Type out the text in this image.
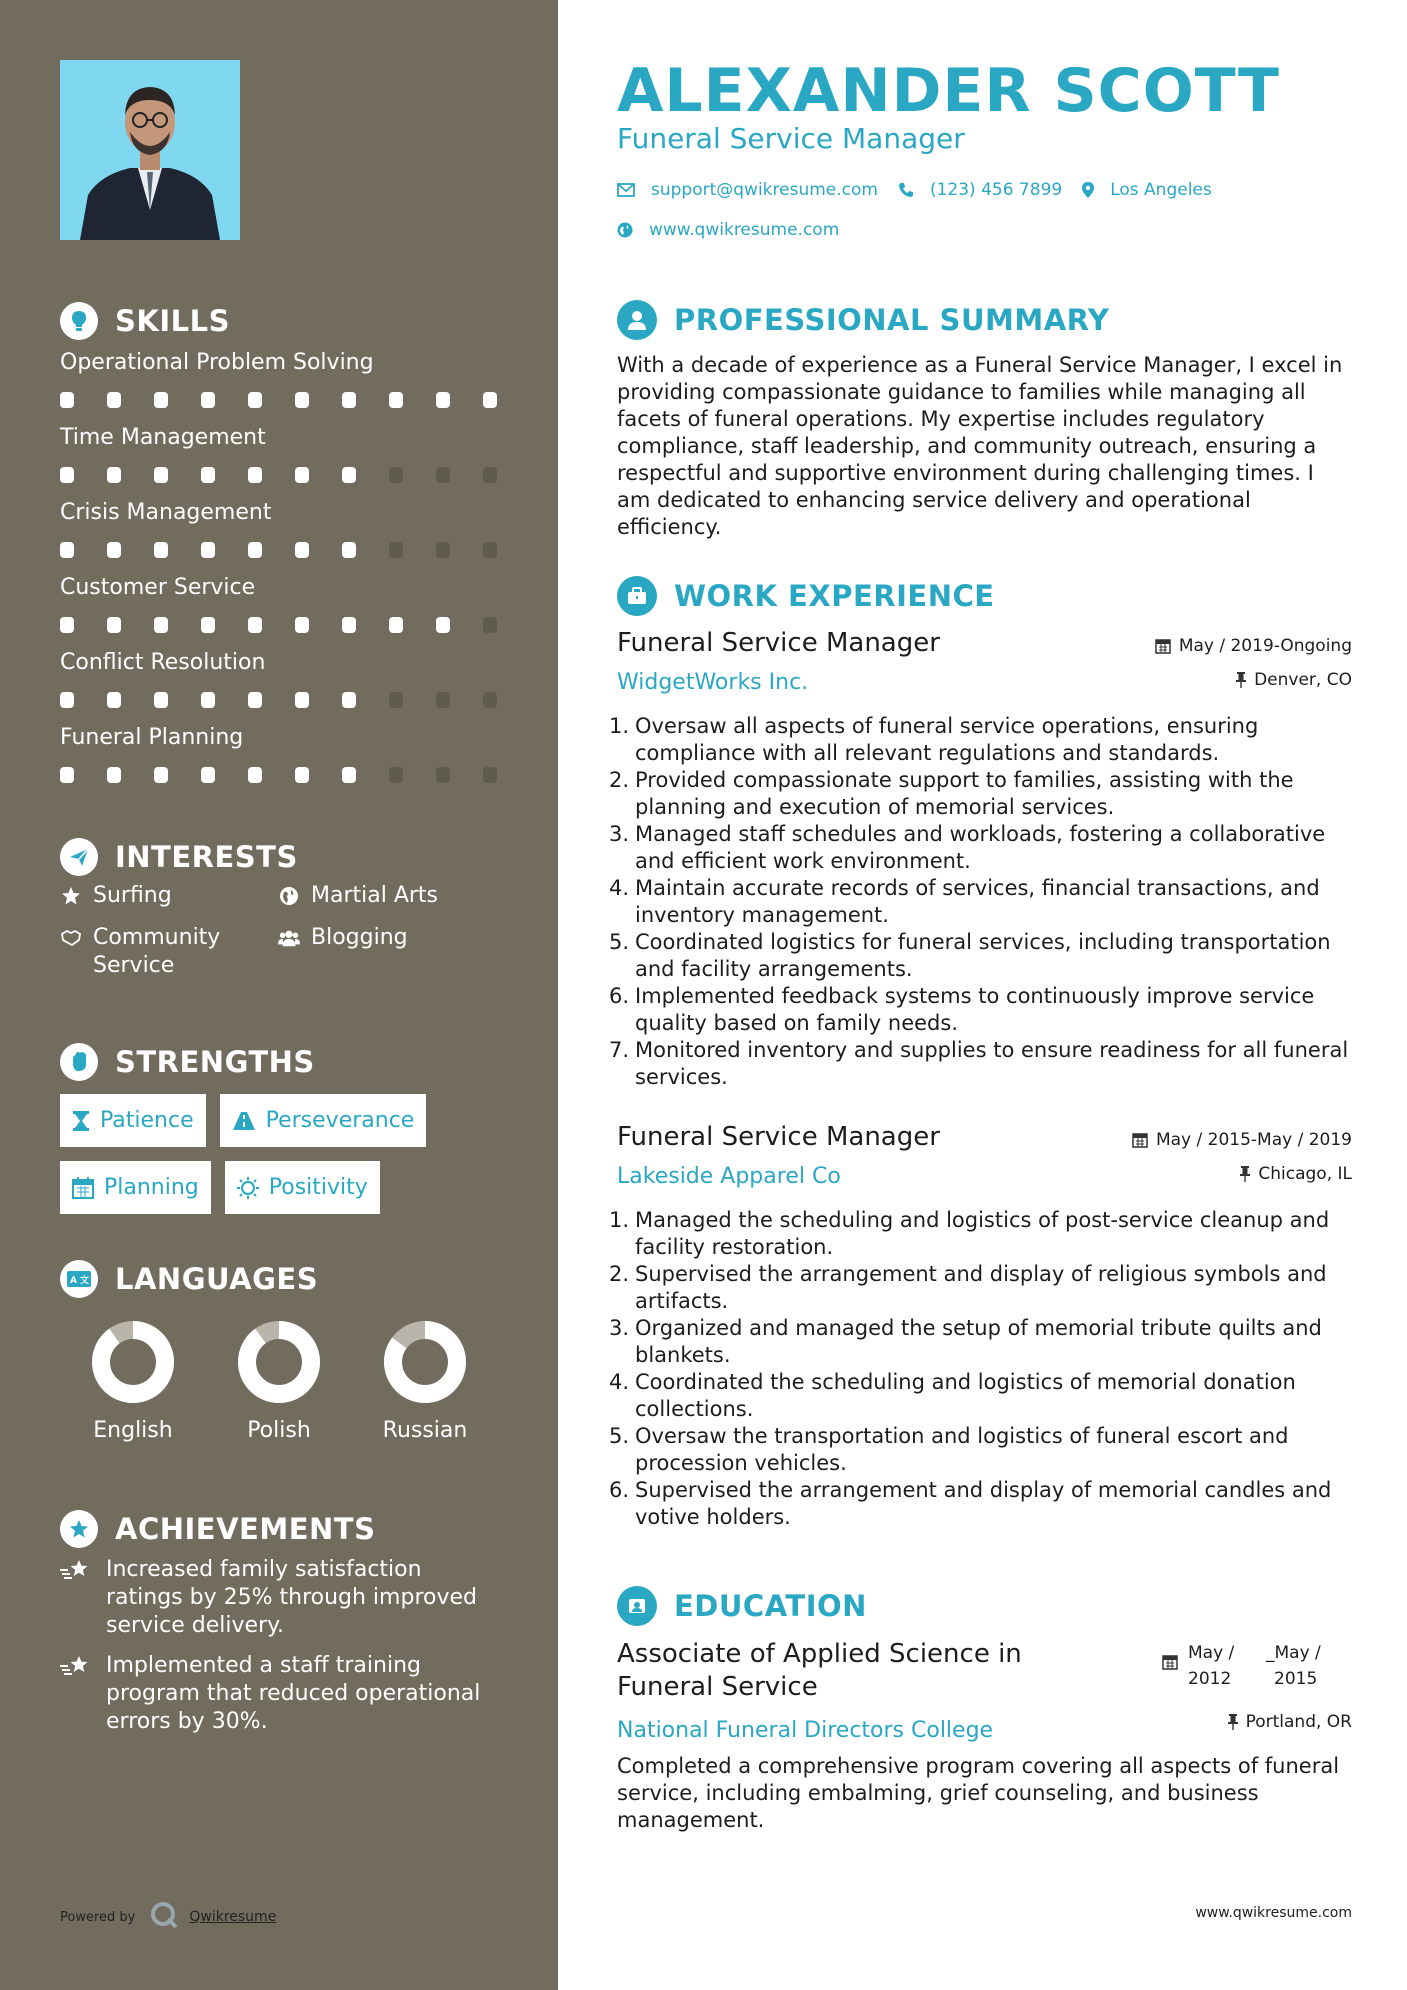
SKILLS
Operational Problem Solving
Time Management
Crisis Management
Customer Service
Conflict Resolution
Funeral Planning
INTERESTS
Surfing	Martial Arts
Community Service
Blogging
STRENGTHS
Patience	Perseverance
Planning	Positivity
A 文 LANGUAGES
English	Polish	Russian
ACHIEVEMENTS
Increased family satisfaction ratings by 25% through improved service delivery.
Implemented a staff training program that reduced operational errors by 30%.
Powered by	Qwikresume
ALEXANDER SCOTT
Funeral Service Manager
support@qwikresume.com	(123) 456 7899	Los Angeles
www.qwikresume.com
PROFESSIONAL SUMMARY
With a decade of experience as a Funeral Service Manager, I excel in providing compassionate guidance to families while managing all facets of funeral operations. My expertise includes regulatory compliance, staff leadership, and community outreach, ensuring a respectful and supportive environment during challenging times. I am dedicated to enhancing service delivery and operational efficiency.
WORK EXPERIENCE
Funeral Service Manager
WidgetWorks Inc.
May / 2019-Ongoing
Denver, CO
1. Oversaw all aspects of funeral service operations, ensuring compliance with all relevant regulations and standards.
2. Provided compassionate support to families, assisting with the planning and execution of memorial services.
3. Managed staff schedules and workloads, fostering a collaborative and efficient work environment.
4. Maintain accurate records of services, financial transactions, and inventory management.
5. Coordinated logistics for funeral services, including transportation and facility arrangements.
6. Implemented feedback systems to continuously improve service quality based on family needs.
7. Monitored inventory and supplies to ensure readiness for all funeral services.
Funeral Service Manager
Lakeside Apparel Co
May / 2015-May / 2019
Chicago, IL
1. Managed the scheduling and logistics of post-service cleanup and facility restoration.
2. Supervised the arrangement and display of religious symbols and artifacts.
3. Organized and managed the setup of memorial tribute quilts and blankets.
4. Coordinated the scheduling and logistics of memorial donation collections.
5. Oversaw the transportation and logistics of funeral escort and procession vehicles.
6. Supervised the arrangement and display of memorial candles and votive holders.
EDUCATION
Associate of Applied Science in Funeral Service
May /
2012
_May /
2015
National Funeral Directors College	Portland, OR
Completed a comprehensive program covering all aspects of funeral service, including embalming, grief counseling, and business management.
www.qwikresume.com
